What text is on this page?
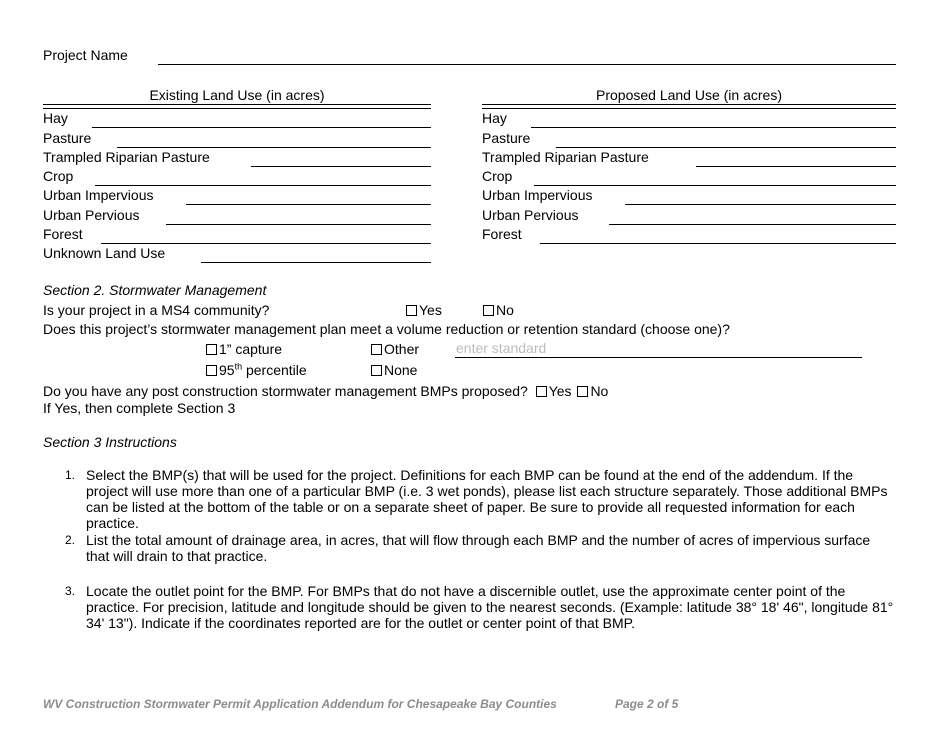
Project Name
Existing Land Use (in acres)
Hay
Pasture
Trampled Riparian Pasture
Crop
Urban Impervious
Urban Pervious
Forest
Unknown Land Use
Proposed Land Use (in acres)
Hay
Pasture
Trampled Riparian Pasture
Crop
Urban Impervious
Urban Pervious
Forest
Section 2. Stormwater Management
Is your project in a MS4 community?	Yes	No
Does this project’s stormwater management plan meet a volume reduction or retention standard (choose one)?
1” capture	Other	enter standard
95th percentile	None
Do you have any post construction stormwater management BMPs proposed? Yes No
If Yes, then complete Section 3
Section 3 Instructions
1. Select the BMP(s) that will be used for the project. Definitions for each BMP can be found at the end of the addendum. If the project will use more than one of a particular BMP (i.e. 3 wet ponds), please list each structure separately. Those additional BMPs can be listed at the bottom of the table or on a separate sheet of paper. Be sure to provide all requested information for each practice.
2. List the total amount of drainage area, in acres, that will flow through each BMP and the number of acres of impervious surface that will drain to that practice.
3. Locate the outlet point for the BMP. For BMPs that do not have a discernible outlet, use the approximate center point of the practice. For precision, latitude and longitude should be given to the nearest seconds. (Example: latitude 38° 18' 46", longitude 81° 34' 13"). Indicate if the coordinates reported are for the outlet or center point of that BMP.
WV Construction Stormwater Permit Application Addendum for Chesapeake Bay Counties	Page 2 of 5
